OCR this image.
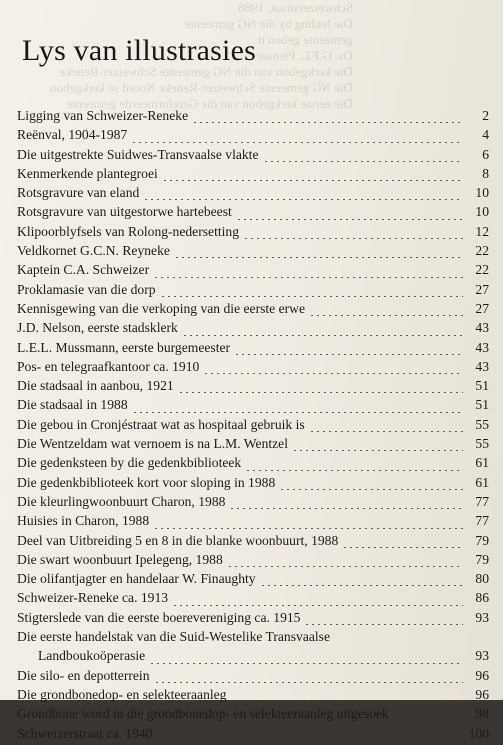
Schweizerstraat, 1988
Die leiding by die NG gemeente
gemeente gebou tt
Ds. G.F.L. Pienaar
Die kerkgebou van die NG gemeente Schweizer-Reneke
Die NG gemeente Schweizer-Reneke Noord se kerkgebou
Die eerste kerkgebou van die Gereformeerde gemeente
Lys van illustrasies
Ligging van Schweizer-Reneke	2
Reënval, 1904-1987	4
Die uitgestrekte Suidwes-Transvaalse vlakte	6
Kenmerkende plantegroei	8
Rotsgravure van eland	10
Rotsgravure van uitgestorwe hartebeest	10
Klipoorblyfsels van Rolong-nedersetting	12
Veldkornet G.C.N. Reyneke	22
Kaptein C.A. Schweizer	22
Proklamasie van die dorp	27
Kennisgewing van die verkoping van die eerste erwe	27
J.D. Nelson, eerste stadsklerk	43
L.E.L. Mussmann, eerste burgemeester	43
Pos- en telegraafkantoor ca. 1910	43
Die stadsaal in aanbou, 1921	51
Die stadsaal in 1988	51
Die gebou in Cronjéstraat wat as hospitaal gebruik is	55
Die Wentzeldam wat vernoem is na L.M. Wentzel	55
Die gedenksteen by die gedenkbiblioteek	61
Die gedenkbiblioteek kort voor sloping in 1988	61
Die kleurlingwoonbuurt Charon, 1988	77
Huisies in Charon, 1988	77
Deel van Uitbreiding 5 en 8 in die blanke woonbuurt, 1988	79
Die swart woonbuurt Ipelegeng, 1988	79
Die olifantjagter en handelaar W. Finaughty	80
Schweizer-Reneke ca. 1913	86
Stigterslede van die eerste boerevereniging ca. 1915	93
Die eerste handelstak van die Suid-Westelike Transvaalse
Landboukoöperasie	93
Die silo- en depotterrein	96
Die grondbonedop- en selekteeraanleg	96
Grondbone word in die grondbonedop- en selekteeraanleg uitgesoek	98
Schweizerstraat ca. 1940	100
